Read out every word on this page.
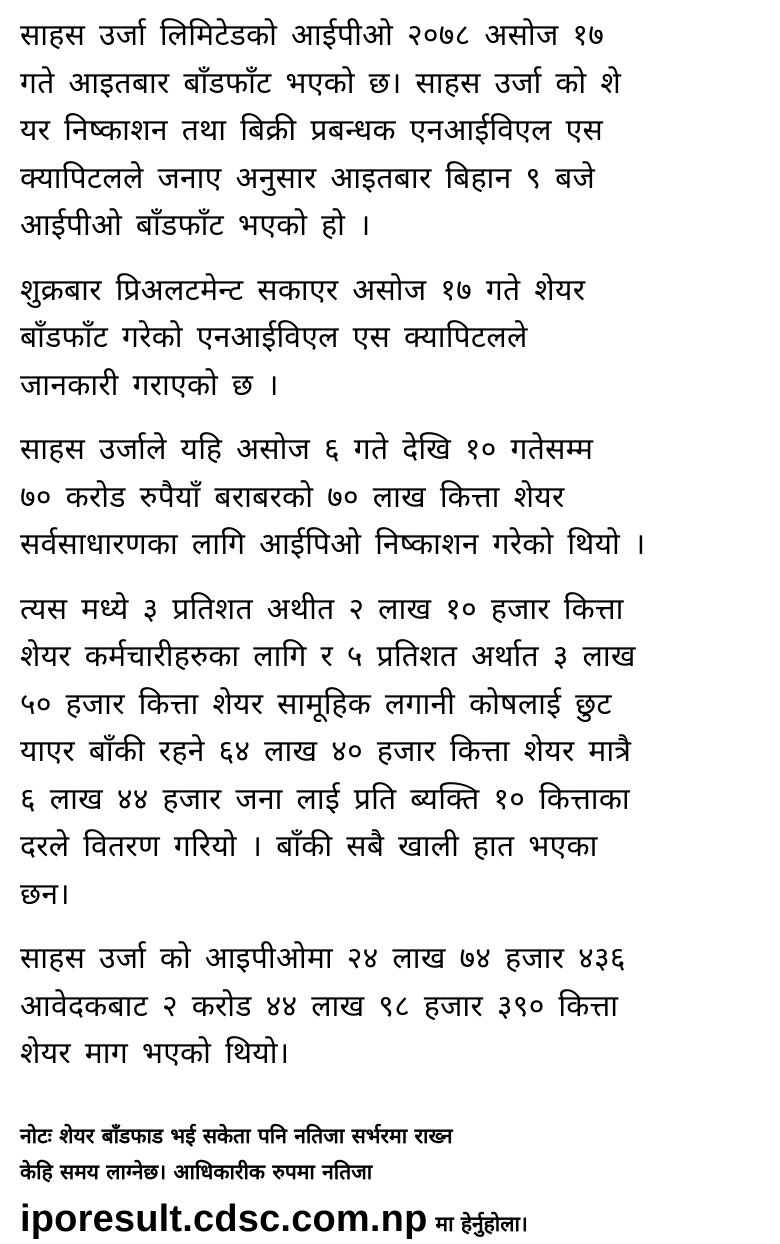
साहस उर्जा लिमिटेडको आईपीओ २०७८ असोज १७
गते आइतबार बाँडफाँट भएको छ। साहस उर्जा को शे
यर निष्काशन तथा बिक्री प्रबन्धक एनआईविएल एस
क्यापिटलले जनाए अनुसार आइतबार बिहान ९ बजे
आईपीओ बाँडफाँट भएको हो ।
शुक्रबार प्रिअलटमेन्ट सकाएर असोज १७ गते शेयर
बाँडफाँट गरेको एनआईविएल एस क्यापिटलले
जानकारी गराएको छ ।
साहस उर्जाले यहि असोज ६ गते देखि १० गतेसम्म
७० करोड रुपैयाँ बराबरको ७० लाख कित्ता शेयर
सर्वसाधारणका लागि आईपिओ निष्काशन गरेको थियो ।
त्यस मध्ये ३ प्रतिशत अथीत २ लाख १० हजार कित्ता
शेयर कर्मचारीहरुका लागि र ५ प्रतिशत अर्थात ३ लाख
५० हजार कित्ता शेयर सामूहिक लगानी कोषलाई छुट
याएर बाँकी रहने ६४ लाख ४० हजार कित्ता शेयर मात्रै
६ लाख ४४ हजार जना लाई प्रति ब्यक्ति १० कित्ताका
दरले वितरण गरियो । बाँकी सबै खाली हात भएका
छन।
साहस उर्जा को आइपीओमा २४ लाख ७४ हजार ४३६
आवेदकबाट २ करोड ४४ लाख ९८ हजार ३९० कित्ता
शेयर माग भएको थियो।
नोटः शेयर बाँडफाड भई सकेता पनि नतिजा सर्भरमा राख्न
केहि समय लाग्नेछ। आधिकारीक रुपमा नतिजा
iporesult.cdsc.com.np मा हेर्नुहोला।
